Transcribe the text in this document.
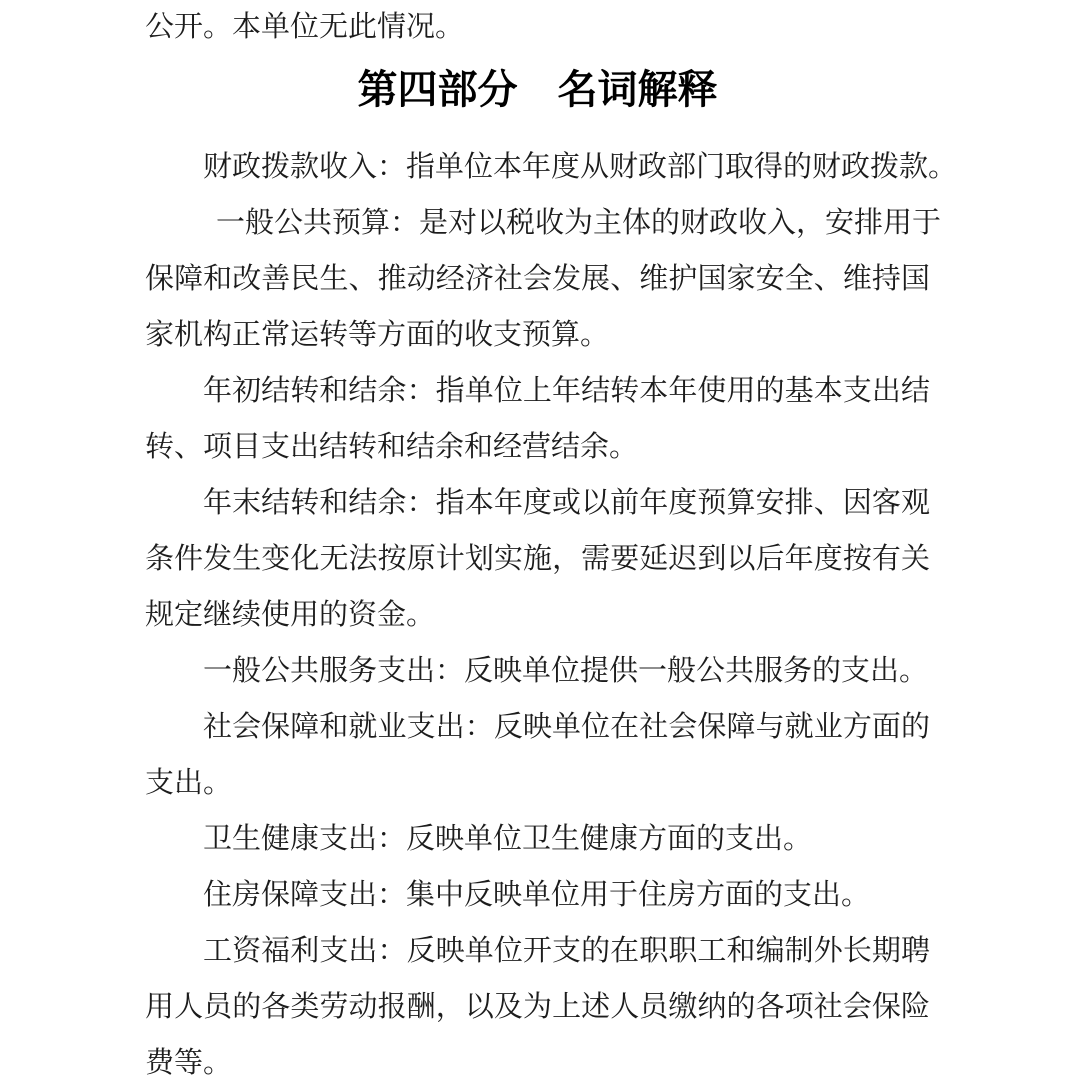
公开。本单位无此情况。
第四部分　名词解释
财政拨款收入：指单位本年度从财政部门取得的财政拨款。
一般公共预算：是对以税收为主体的财政收入，安排用于
保障和改善民生、推动经济社会发展、维护国家安全、维持国
家机构正常运转等方面的收支预算。
年初结转和结余：指单位上年结转本年使用的基本支出结
转、项目支出结转和结余和经营结余。
年末结转和结余：指本年度或以前年度预算安排、因客观
条件发生变化无法按原计划实施，需要延迟到以后年度按有关
规定继续使用的资金。
一般公共服务支出：反映单位提供一般公共服务的支出。
社会保障和就业支出：反映单位在社会保障与就业方面的
支出。
卫生健康支出：反映单位卫生健康方面的支出。
住房保障支出：集中反映单位用于住房方面的支出。
工资福利支出：反映单位开支的在职职工和编制外长期聘
用人员的各类劳动报酬，以及为上述人员缴纳的各项社会保险
费等。
